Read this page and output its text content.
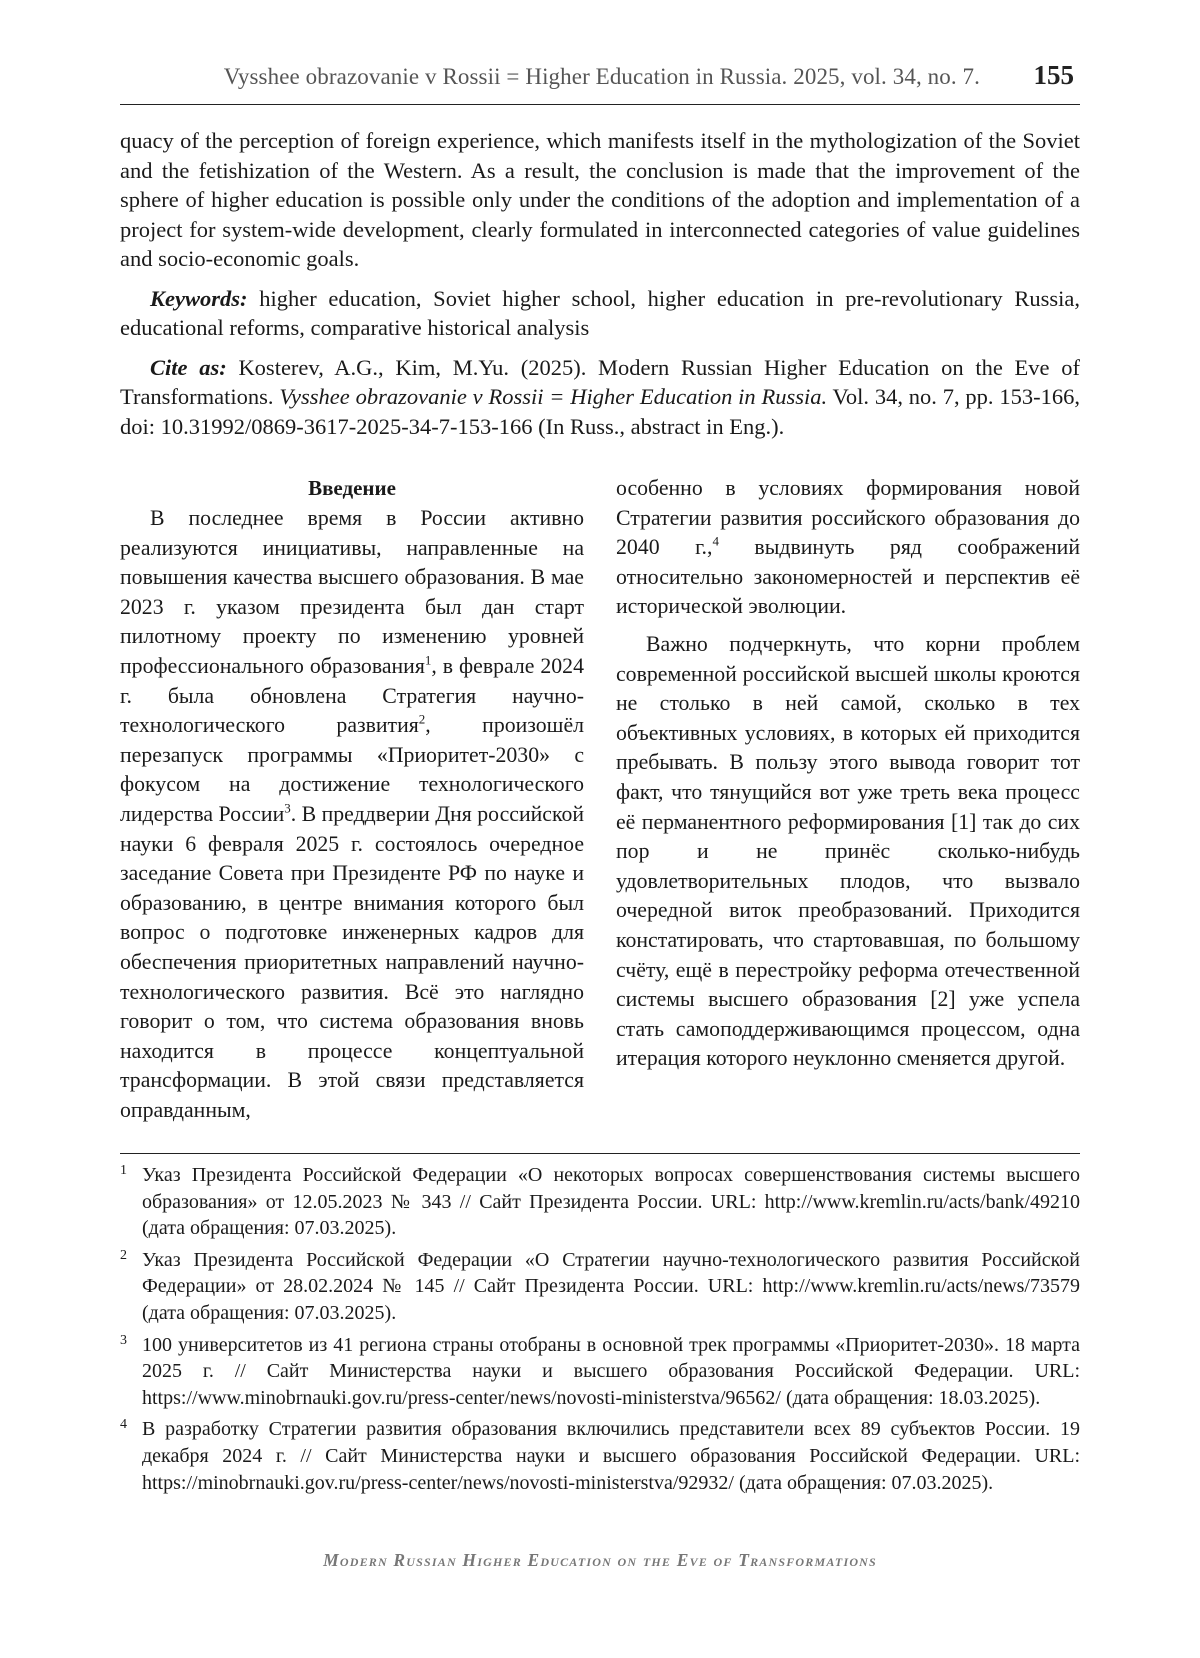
Vysshee obrazovanie v Rossii = Higher Education in Russia. 2025, vol. 34, no. 7. 155

quacy of the perception of foreign experience, which manifests itself in the mythologization of the Soviet and the fetishization of the Western. As a result, the conclusion is made that the improvement of the sphere of higher education is possible only under the conditions of the adoption and implementation of a project for system-wide development, clearly formulated in interconnected categories of value guidelines and socio-economic goals.

Keywords: higher education, Soviet higher school, higher education in pre-revolutionary Russia, educational reforms, comparative historical analysis

Cite as: Kosterev, A.G., Kim, M.Yu. (2025). Modern Russian Higher Education on the Eve of Transformations. Vysshee obrazovanie v Rossii = Higher Education in Russia. Vol. 34, no. 7, pp. 153-166, doi: 10.31992/0869-3617-2025-34-7-153-166 (In Russ., abstract in Eng.).

Введение

В последнее время в России активно реализуются инициативы, направленные на повышения качества высшего образования. В мае 2023 г. указом президента был дан старт пилотному проекту по изменению уровней профессионального образования$^1$, в феврале 2024 г. была обновлена Стратегия научно-технологического развития$^2$, произошёл перезапуск программы «Приоритет-2030» с фокусом на достижение технологического лидерства России$^3$. В преддверии Дня российской науки 6 февраля 2025 г. состоялось очередное заседание Совета при Президенте РФ по науке и образованию, в центре внимания которого был вопрос о подготовке инженерных кадров для обеспечения приоритетных направлений научно-технологического развития. Всё это наглядно говорит о том, что система образования вновь находится в процессе концептуальной трансформации. В этой связи представляется оправданным,

особенно в условиях формирования новой Стратегии развития российского образования до 2040 г.,$^4$ выдвинуть ряд соображений относительно закономерностей и перспектив её исторической эволюции.

Важно подчеркнуть, что корни проблем современной российской высшей школы кроются не столько в ней самой, сколько в тех объективных условиях, в которых ей приходится пребывать. В пользу этого вывода говорит тот факт, что тянущийся вот уже треть века процесс её перманентного реформирования [1] так до сих пор и не принёс сколько-нибудь удовлетворительных плодов, что вызвало очередной виток преобразований. Приходится констатировать, что стартовавшая, по большому счёту, ещё в перестройку реформа отечественной системы высшего образования [2] уже успела стать самоподдерживающимся процессом, одна итерация которого неуклонно сменяется другой.

1 Указ Президента Российской Федерации «О некоторых вопросах совершенствования системы высшего образования» от 12.05.2023 № 343 // Сайт Президента России. URL: http://www.kremlin.ru/acts/bank/49210 (дата обращения: 07.03.2025).
2 Указ Президента Российской Федерации «О Стратегии научно-технологического развития Российской Федерации» от 28.02.2024 № 145 // Сайт Президента России. URL: http://www.kremlin.ru/acts/news/73579 (дата обращения: 07.03.2025).
3 100 университетов из 41 региона страны отобраны в основной трек программы «Приоритет-2030». 18 марта 2025 г. // Сайт Министерства науки и высшего образования Российской Федерации. URL: https://www.minobrnauki.gov.ru/press-center/news/novosti-ministerstva/96562/ (дата обращения: 18.03.2025).
4 В разработку Стратегии развития образования включились представители всех 89 субъектов России. 19 декабря 2024 г. // Сайт Министерства науки и высшего образования Российской Федерации. URL: https://minobrnauki.gov.ru/press-center/news/novosti-ministerstva/92932/ (дата обращения: 07.03.2025).
Modern Russian Higher Education on the Eve of Transformations
